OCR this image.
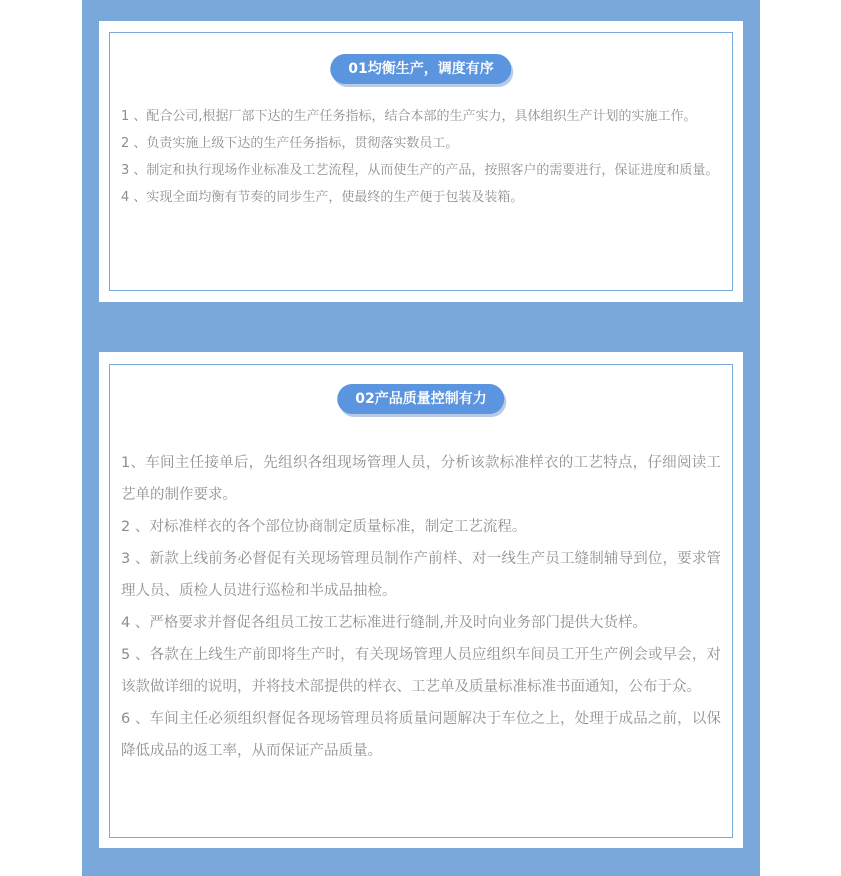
01均衡生产，调度有序

1 、配合公司,根据厂部下达的生产任务指标，结合本部的生产实力，具体组织生产计划的实施工作。

2 、负责实施上级下达的生产任务指标，贯彻落实数员工。

3 、制定和执行现场作业标准及工艺流程，从而使生产的产品，按照客户的需要进行，保证进度和质量。

4 、实现全面均衡有节奏的同步生产，使最终的生产便于包装及装箱。

02产品质量控制有力

1、车间主任接单后，先组织各组现场管理人员，分析该款标准样衣的工艺特点，仔细阅读工艺单的制作要求。

2 、对标准样衣的各个部位协商制定质量标准，制定工艺流程。

3 、新款上线前务必督促有关现场管理员制作产前样、对一线生产员工缝制辅导到位，要求管理人员、质检人员进行巡检和半成品抽检。

4 、严格要求并督促各组员工按工艺标准进行缝制,并及时向业务部门提供大货样。

5 、各款在上线生产前即将生产时，有关现场管理人员应组织车间员工开生产例会或早会，对该款做详细的说明，并将技术部提供的样衣、工艺单及质量标准标准书面通知，公布于众。

6 、车间主任必须组织督促各现场管理员将质量问题解决于车位之上，处理于成品之前，以保降低成品的返工率，从而保证产品质量。
